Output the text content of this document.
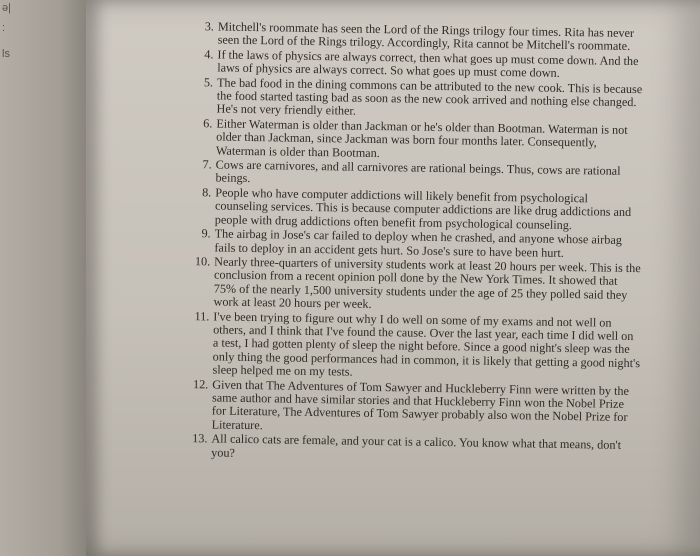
ə|
:
ls
3. Mitchell's roommate has seen the Lord of the Rings trilogy four times. Rita has never seen the Lord of the Rings trilogy. Accordingly, Rita cannot be Mitchell's roommate.
4. If the laws of physics are always correct, then what goes up must come down. And the laws of physics are always correct. So what goes up must come down.
5. The bad food in the dining commons can be attributed to the new cook. This is because the food started tasting bad as soon as the new cook arrived and nothing else changed. He's not very friendly either.
6. Either Waterman is older than Jackman or he's older than Bootman. Waterman is not older than Jackman, since Jackman was born four months later. Consequently, Waterman is older than Bootman.
7. Cows are carnivores, and all carnivores are rational beings. Thus, cows are rational beings.
8. People who have computer addictions will likely benefit from psychological counseling services. This is because computer addictions are like drug addictions and people with drug addictions often benefit from psychological counseling.
9. The airbag in Jose's car failed to deploy when he crashed, and anyone whose airbag fails to deploy in an accident gets hurt. So Jose's sure to have been hurt.
10. Nearly three-quarters of university students work at least 20 hours per week. This is the conclusion from a recent opinion poll done by the New York Times. It showed that 75% of the nearly 1,500 university students under the age of 25 they polled said they work at least 20 hours per week.
11. I've been trying to figure out why I do well on some of my exams and not well on others, and I think that I've found the cause. Over the last year, each time I did well on a test, I had gotten plenty of sleep the night before. Since a good night's sleep was the only thing the good performances had in common, it is likely that getting a good night's sleep helped me on my tests.
12. Given that The Adventures of Tom Sawyer and Huckleberry Finn were written by the same author and have similar stories and that Huckleberry Finn won the Nobel Prize for Literature, The Adventures of Tom Sawyer probably also won the Nobel Prize for Literature.
13. All calico cats are female, and your cat is a calico. You know what that means, don't you?
